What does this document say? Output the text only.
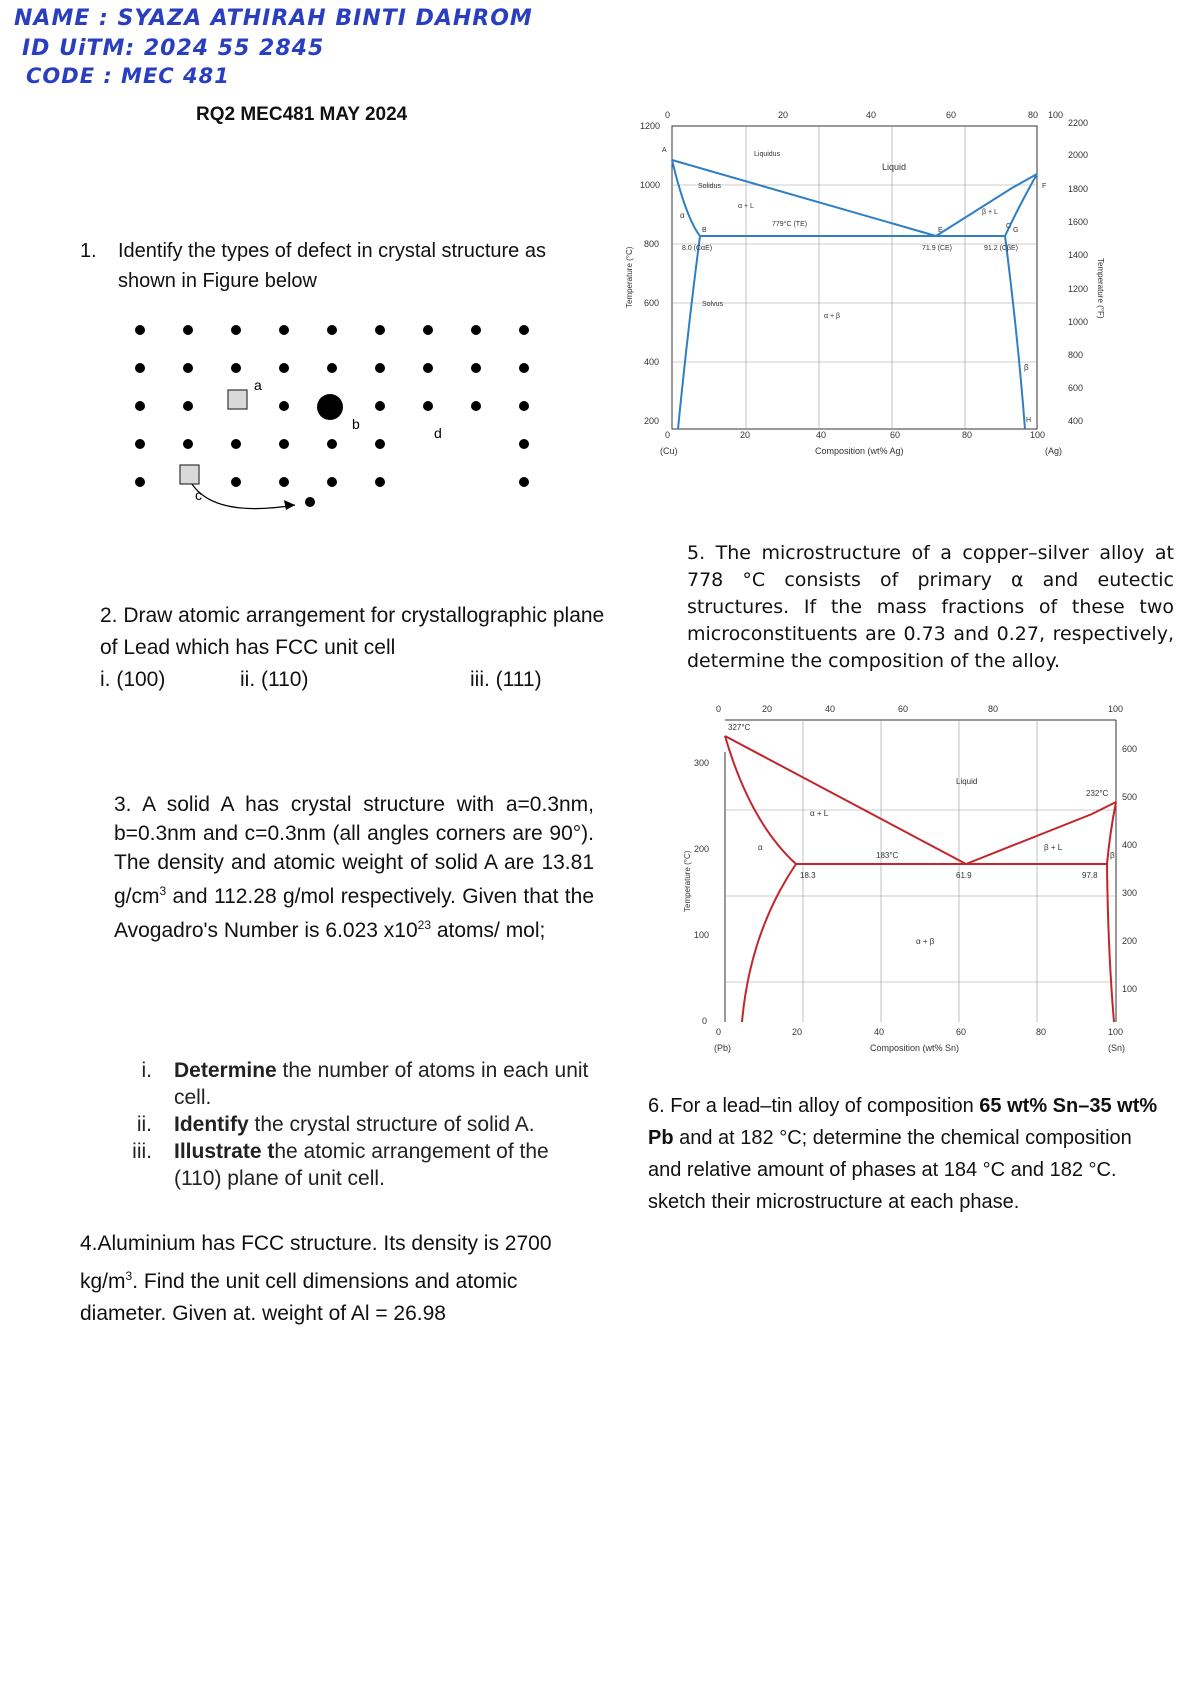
NAME : SYAZA ATHIRAH BINTI DAHROM
ID UiTM: 2024 55 2845
CODE : MEC 481
RQ2 MEC481 MAY 2024
1.	Identify the types of defect in crystal structure as shown in Figure below
a
b
d
c
2. Draw atomic arrangement for crystallographic plane of Lead which has FCC unit cell
i. (100)	ii. (110)	iii. (111)
3. A solid A has crystal structure with a=0.3nm, b=0.3nm and c=0.3nm (all angles corners are 90°). The density and atomic weight of solid A are 13.81 $g/cm^3$ and 112.28 g/mol respectively. Given that the Avogadro's Number is 6.023 $x10^{23}$ atoms/ mol;
i.	Determine the number of atoms in each unit cell.
ii.	Identify the crystal structure of solid A.
iii.	Illustrate the atomic arrangement of the (110) plane of unit cell.
4.Aluminium has FCC structure. Its density is 2700 $kg/m^3$. Find the unit cell dimensions and atomic diameter. Given at. weight of Al = 26.98
0	20	40	60	80 100
1200
1000
800
600
400
200
Temperature (°C)
2200
2000
1800
1600
1400
1200
1000
800
600
400
Temperature (°F)
0	20	40	60	80	100
(Cu)	Composition (wt% Ag)	(Ag)
Liquid
Liquidus
Solidus
Solvus
α + L
β + L
α + β
779°C (TE)
8.0 (CαE)	71.9 (CE)	91.2 (CβE)
α
β
A
B	E	G
F
C
H
5. The microstructure of a copper–silver alloy at 778 °C consists of primary α and eutectic structures. If the mass fractions of these two microconstituents are 0.73 and 0.27, respectively, determine the composition of the alloy.
0	20	40	60	80	100
300
200
100
0
Temperature (°C)
600
500
400
300
200
100
0	20	40	60	80	100
(Pb)	Composition (wt% Sn)	(Sn)
327°C
232°C
Liquid
α + L
β + L
183°C
18.3	61.9	97.8
α + β
α
β
6. For a lead–tin alloy of composition 65 wt% Sn–35 wt% Pb and at 182 °C; determine the chemical composition and relative amount of phases at 184 °C and 182 °C. sketch their microstructure at each phase.
